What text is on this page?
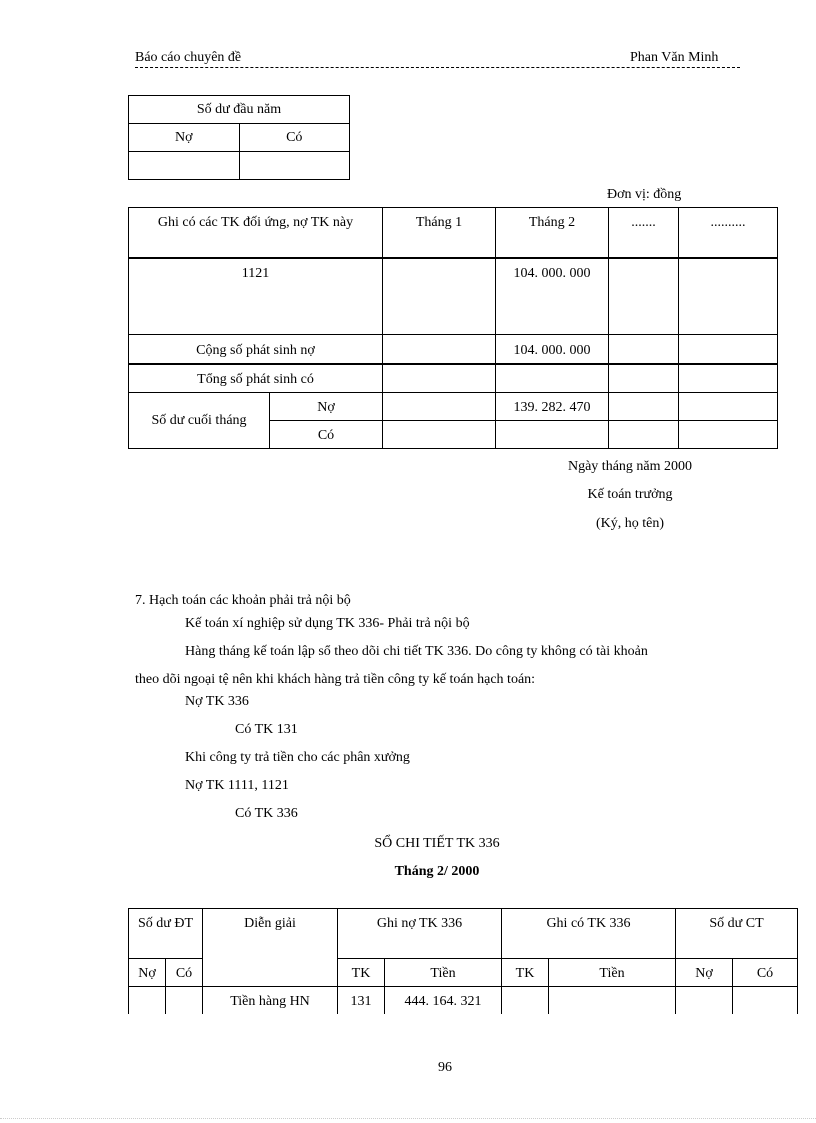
Báo cáo chuyên đề	Phan Văn Minh
Số dư đầu năm	
Nợ	Có

Đơn vị: đồng
Ghi có các TK đối ứng, nợ TK này		Tháng 1	Tháng 2	.......	..........
1121			104. 000. 000		
Cộng số phát sinh nợ			104. 000. 000		
Tổng số phát sinh có					
Số dư cuối tháng	Nợ		139. 282. 470		
	Có				
Ngày tháng năm 2000
Kế toán trưởng
(Ký, họ tên)
7. Hạch toán các khoản phải trả nội bộ
Kế toán xí nghiệp sử dụng TK 336- Phải trả nội bộ
Hàng tháng kế toán lập sổ theo dõi chi tiết TK 336. Do công ty không có tài khoản
theo dõi ngoại tệ nên khi khách hàng trả tiền công ty kế toán hạch toán:
Nợ TK 336
Có TK 131
Khi công ty trả tiền cho các phân xưởng
Nợ TK 1111, 1121
Có TK 336
SỔ CHI TIẾT TK 336
Tháng 2/ 2000
Số dư ĐT		Diễn giải	Ghi nợ TK 336		Ghi có TK 336		Số dư CT	
Nợ	Có		TK	Tiền	TK	Tiền	Nợ	Có
		Tiền hàng HN	131	444. 164. 321				
96
